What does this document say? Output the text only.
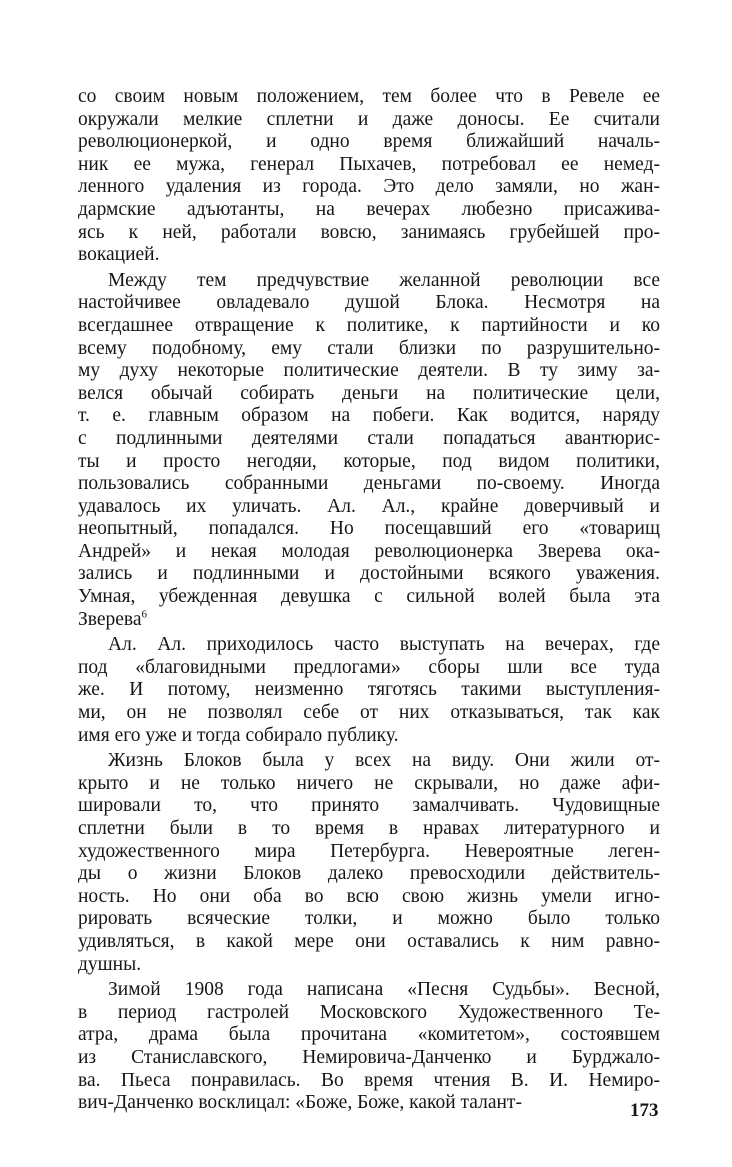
со своим новым положением, тем более что в Ревеле ее
окружали мелкие сплетни и даже доносы. Ее считали
революционеркой, и одно время ближайший началь-
ник ее мужа, генерал Пыхачев, потребовал ее немед-
ленного удаления из города. Это дело замяли, но жан-
дармские адъютанты, на вечерах любезно присажива-
ясь к ней, работали вовсю, занимаясь грубейшей про-
вокацией.
Между тем предчувствие желанной революции все
настойчивее овладевало душой Блока. Несмотря на
всегдашнее отвращение к политике, к партийности и ко
всему подобному, ему стали близки по разрушительно-
му духу некоторые политические деятели. В ту зиму за-
велся обычай собирать деньги на политические цели,
т. е. главным образом на побеги. Как водится, наряду
с подлинными деятелями стали попадаться авантюрис-
ты и просто негодяи, которые, под видом политики,
пользовались собранными деньгами по-своему. Иногда
удавалось их уличать. Ал. Ал., крайне доверчивый и
неопытный, попадался. Но посещавший его «товарищ
Андрей» и некая молодая революционерка Зверева ока-
зались и подлинными и достойными всякого уважения.
Умная, убежденная девушка с сильной волей была эта
Зверева$^6$
Ал. Ал. приходилось часто выступать на вечерах, где
под «благовидными предлогами» сборы шли все туда
же. И потому, неизменно тяготясь такими выступления-
ми, он не позволял себе от них отказываться, так как
имя его уже и тогда собирало публику.
Жизнь Блоков была у всех на виду. Они жили от-
крыто и не только ничего не скрывали, но даже афи-
шировали то, что принято замалчивать. Чудовищные
сплетни были в то время в нравах литературного и
художественного мира Петербурга. Невероятные леген-
ды о жизни Блоков далеко превосходили действитель-
ность. Но они оба во всю свою жизнь умели игно-
рировать всяческие толки, и можно было только
удивляться, в какой мере они оставались к ним равно-
душны.
Зимой 1908 года написана «Песня Судьбы». Весной,
в период гастролей Московского Художественного Те-
атра, драма была прочитана «комитетом», состоявшем
из Станиславского, Немировича-Данченко и Бурджало-
ва. Пьеса понравилась. Во время чтения В. И. Немиро-
вич-Данченко восклицал: «Боже, Боже, какой талант-	173
